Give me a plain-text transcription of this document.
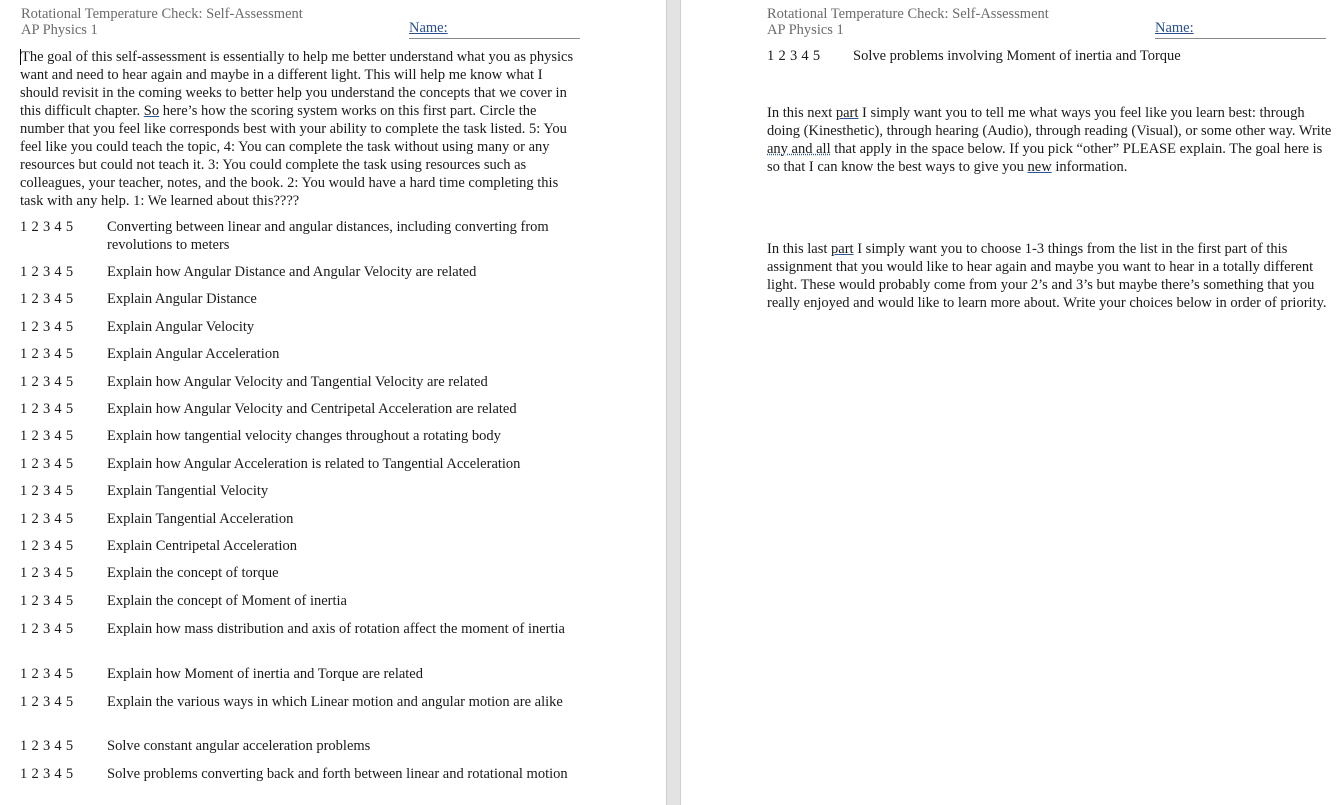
Rotational Temperature Check: Self-Assessment
AP Physics 1	Name:
The goal of this self-assessment is essentially to help me better understand what you as physics want and need to hear again and maybe in a different light. This will help me know what I should revisit in the coming weeks to better help you understand the concepts that we cover in this difficult chapter. So here’s how the scoring system works on this first part. Circle the number that you feel like corresponds best with your ability to complete the task listed. 5: You feel like you could teach the topic, 4: You can complete the task without using many or any resources but could not teach it. 3: You could complete the task using resources such as colleagues, your teacher, notes, and the book. 2: You would have a hard time completing this task with any help. 1: We learned about this????
1 2 3 4 5 Converting between linear and angular distances, including converting from revolutions to meters
1 2 3 4 5 Explain how Angular Distance and Angular Velocity are related
1 2 3 4 5 Explain Angular Distance
1 2 3 4 5 Explain Angular Velocity
1 2 3 4 5 Explain Angular Acceleration
1 2 3 4 5 Explain how Angular Velocity and Tangential Velocity are related
1 2 3 4 5 Explain how Angular Velocity and Centripetal Acceleration are related
1 2 3 4 5 Explain how tangential velocity changes throughout a rotating body
1 2 3 4 5 Explain how Angular Acceleration is related to Tangential Acceleration
1 2 3 4 5 Explain Tangential Velocity
1 2 3 4 5 Explain Tangential Acceleration
1 2 3 4 5 Explain Centripetal Acceleration
1 2 3 4 5 Explain the concept of torque
1 2 3 4 5 Explain the concept of Moment of inertia
1 2 3 4 5 Explain how mass distribution and axis of rotation affect the moment of inertia
1 2 3 4 5 Explain how Moment of inertia and Torque are related
1 2 3 4 5 Explain the various ways in which Linear motion and angular motion are alike
1 2 3 4 5 Solve constant angular acceleration problems
1 2 3 4 5 Solve problems converting back and forth between linear and rotational motion
Rotational Temperature Check: Self-Assessment
AP Physics 1	Name:
1 2 3 4 5 Solve problems involving Moment of inertia and Torque
In this next part I simply want you to tell me what ways you feel like you learn best: through doing (Kinesthetic), through hearing (Audio), through reading (Visual), or some other way. Write any and all that apply in the space below. If you pick “other” PLEASE explain. The goal here is so that I can know the best ways to give you new information.
In this last part I simply want you to choose 1-3 things from the list in the first part of this assignment that you would like to hear again and maybe you want to hear in a totally different light. These would probably come from your 2’s and 3’s but maybe there’s something that you really enjoyed and would like to learn more about. Write your choices below in order of priority.
